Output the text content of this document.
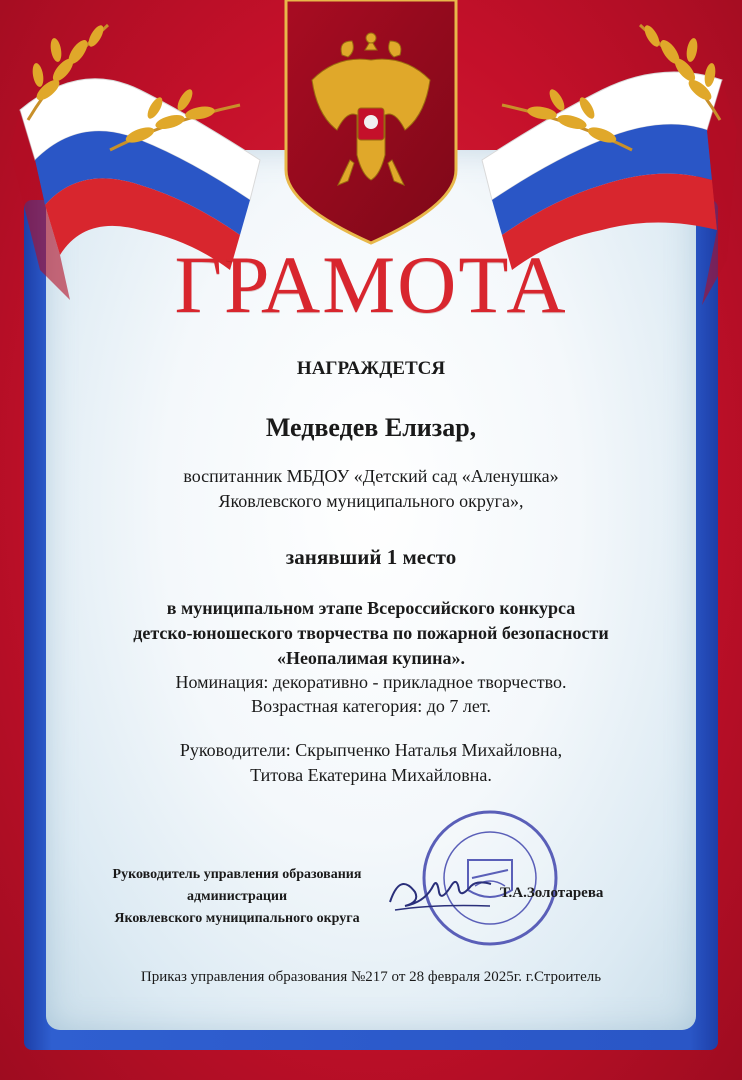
ГРАМОТА
НАГРАЖДЕТСЯ
Медведев Елизар,
воспитанник МБДОУ «Детский сад «Аленушка»
Яковлевского муниципального округа»,
занявший 1 место
в муниципальном этапе Всероссийского конкурса
детско-юношеского творчества по пожарной безопасности
«Неопалимая купина».
Номинация: декоративно - прикладное творчество.
Возрастная категория: до 7 лет.
Руководители: Скрыпченко Наталья Михайловна,
Титова Екатерина Михайловна.
Руководитель управления образования
администрации
Яковлевского муниципального округа
Т.А.Золотарева
Приказ управления образования №217 от 28 февраля 2025г. г.Строитель
